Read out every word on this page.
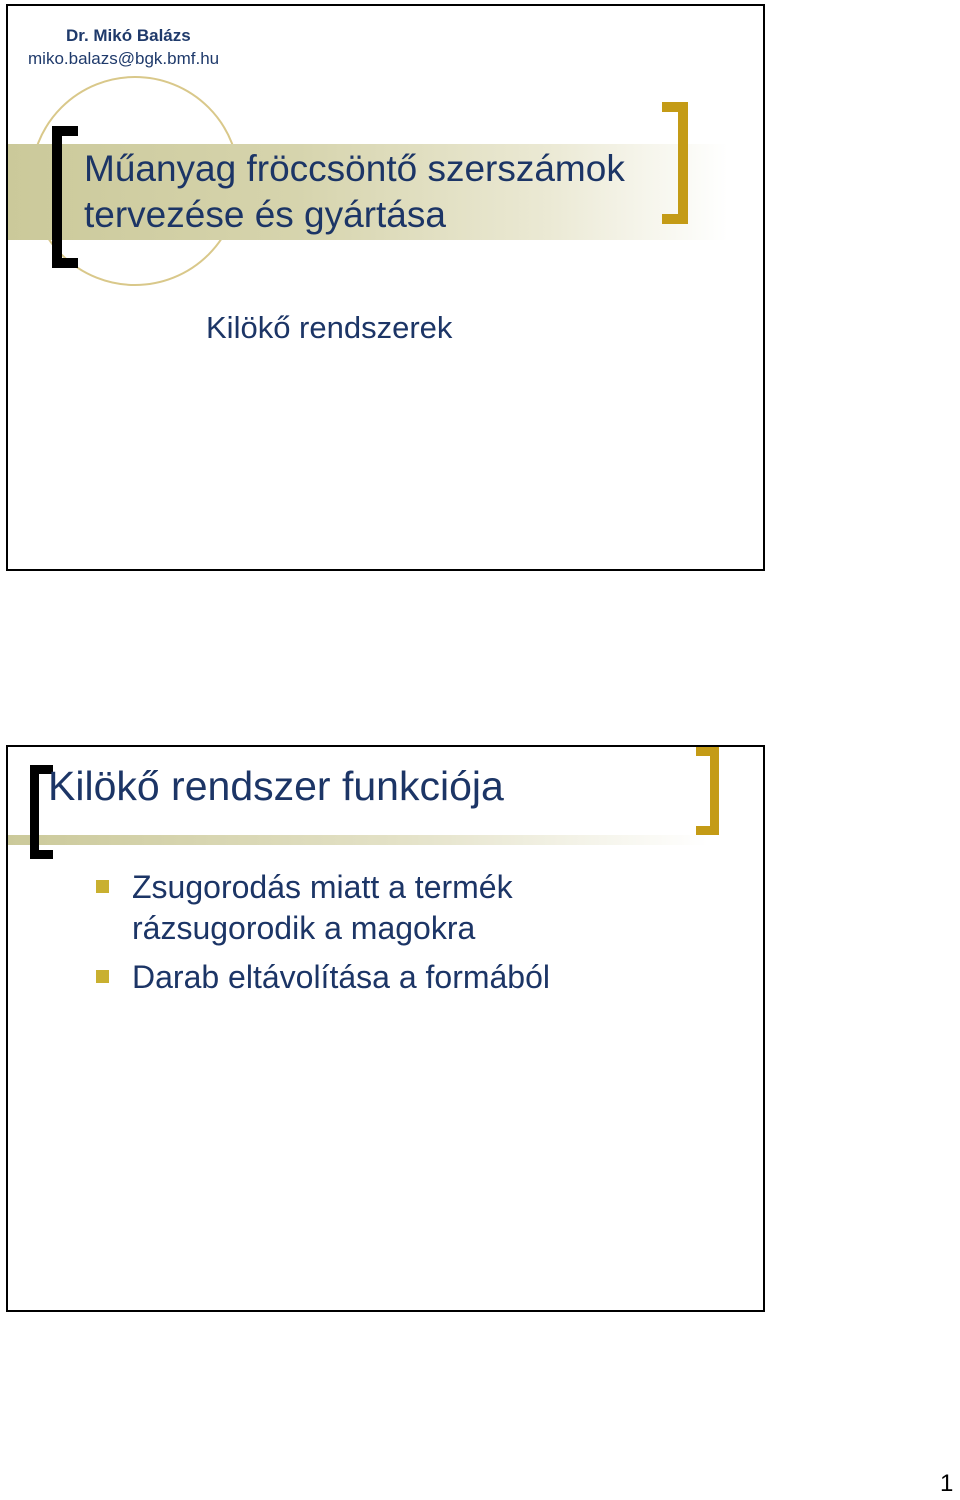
Dr. Mikó Balázs
miko.balazs@bgk.bmf.hu
Műanyag fröccsöntő szerszámok
tervezése és gyártása
Kilökő rendszerek
Kilökő rendszer funkciója
Zsugorodás miatt a termék
rázsugorodik a magokra
Darab eltávolítása a formából
1
